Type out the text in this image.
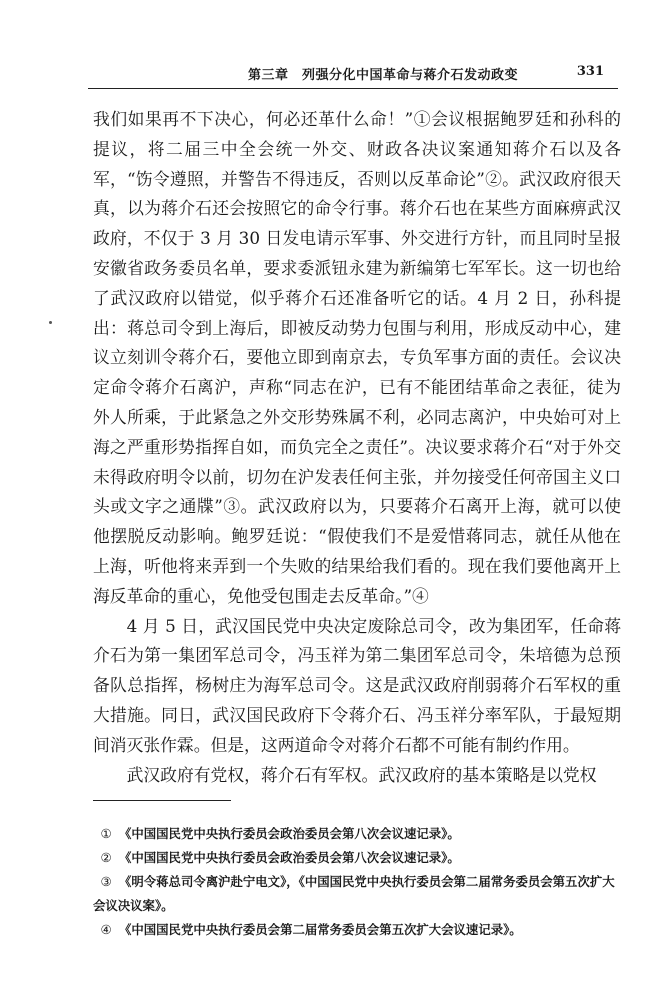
第三章　列强分化中国革命与蒋介石发动政变	331

我们如果再不下决心，何必还革什么命！”①会议根据鲍罗廷和孙科的提议，将二届三中全会统一外交、财政各决议案通知蒋介石以及各军，“饬令遵照，并警告不得违反，否则以反革命论”②。武汉政府很天真，以为蒋介石还会按照它的命令行事。蒋介石也在某些方面麻痹武汉政府，不仅于 3 月 30 日发电请示军事、外交进行方针，而且同时呈报安徽省政务委员名单，要求委派钮永建为新编第七军军长。这一切也给了武汉政府以错觉，似乎蒋介石还准备听它的话。4 月 2 日，孙科提出：蒋总司令到上海后，即被反动势力包围与利用，形成反动中心，建议立刻训令蒋介石，要他立即到南京去，专负军事方面的责任。会议决定命令蒋介石离沪，声称“同志在沪，已有不能团结革命之表征，徒为外人所乘，于此紧急之外交形势殊属不利，必同志离沪，中央始可对上海之严重形势指挥自如，而负完全之责任”。决议要求蒋介石“对于外交未得政府明令以前，切勿在沪发表任何主张，并勿接受任何帝国主义口头或文字之通牒”③。武汉政府以为，只要蒋介石离开上海，就可以使他摆脱反动影响。鲍罗廷说：“假使我们不是爱惜蒋同志，就任从他在上海，听他将来弄到一个失败的结果给我们看的。现在我们要他离开上海反革命的重心，免他受包围走去反革命。”④

4 月 5 日，武汉国民党中央决定废除总司令，改为集团军，任命蒋介石为第一集团军总司令，冯玉祥为第二集团军总司令，朱培德为总预备队总指挥，杨树庄为海军总司令。这是武汉政府削弱蒋介石军权的重大措施。同日，武汉国民政府下令蒋介石、冯玉祥分率军队，于最短期间消灭张作霖。但是，这两道命令对蒋介石都不可能有制约作用。

武汉政府有党权，蒋介石有军权。武汉政府的基本策略是以党权

① 《中国国民党中央执行委员会政治委员会第八次会议速记录》。

② 《中国国民党中央执行委员会政治委员会第八次会议速记录》。

③ 《明令蒋总司令离沪赴宁电文》，《中国国民党中央执行委员会第二届常务委员会第五次扩大会议决议案》。

④ 《中国国民党中央执行委员会第二届常务委员会第五次扩大会议速记录》。
